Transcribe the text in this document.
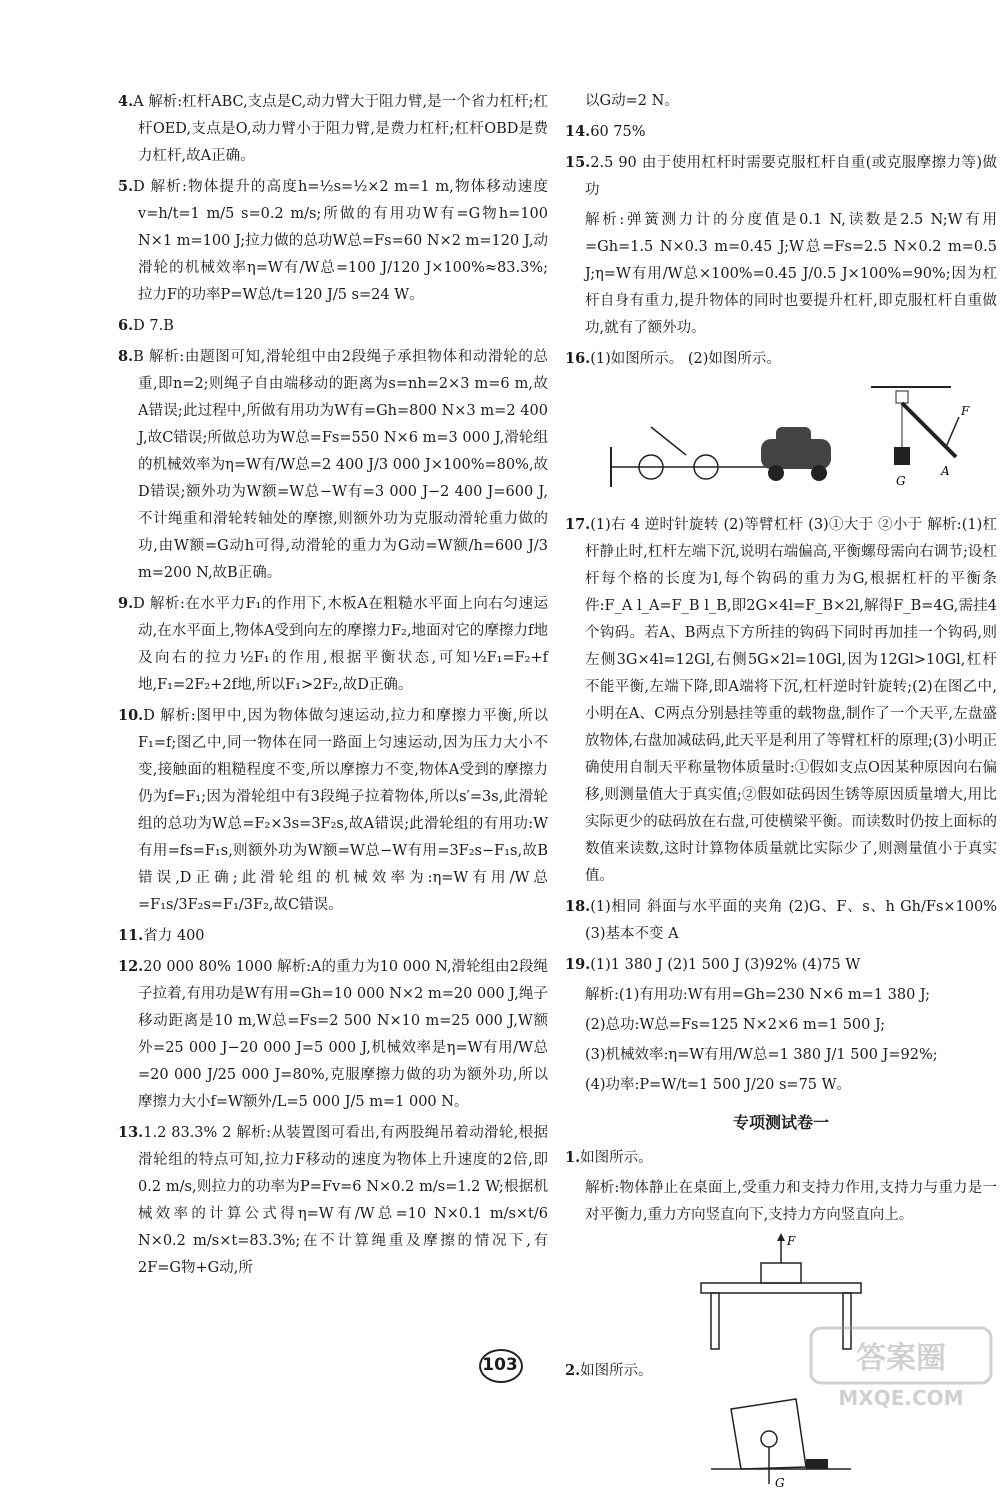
4.A 解析:杠杆ABC,支点是C,动力臂大于阻力臂,是一个省力杠杆;杠杆OED,支点是O,动力臂小于阻力臂,是费力杠杆;杠杆OBD是费力杠杆,故A正确。

5.D 解析:物体提升的高度h=½s=½×2 m=1 m,物体移动速度v=h/t=1 m/5 s=0.2 m/s;所做的有用功W有=G物h=100 N×1 m=100 J;拉力做的总功W总=Fs=60 N×2 m=120 J,动滑轮的机械效率η=W有/W总=100 J/120 J×100%≈83.3%;拉力F的功率P=W总/t=120 J/5 s=24 W。

6.D 7.B

8.B 解析:由题图可知,滑轮组中由2段绳子承担物体和动滑轮的总重,即n=2;则绳子自由端移动的距离为s=nh=2×3 m=6 m,故A错误;此过程中,所做有用功为W有=Gh=800 N×3 m=2 400 J,故C错误;所做总功为W总=Fs=550 N×6 m=3 000 J,滑轮组的机械效率为η=W有/W总=2 400 J/3 000 J×100%=80%,故D错误;额外功为W额=W总−W有=3 000 J−2 400 J=600 J,不计绳重和滑轮转轴处的摩擦,则额外功为克服动滑轮重力做的功,由W额=G动h可得,动滑轮的重力为G动=W额/h=600 J/3 m=200 N,故B正确。

9.D 解析:在水平力F₁的作用下,木板A在粗糙水平面上向右匀速运动,在水平面上,物体A受到向左的摩擦力F₂,地面对它的摩擦力f地及向右的拉力½F₁的作用,根据平衡状态,可知½F₁=F₂+f地,F₁=2F₂+2f地,所以F₁>2F₂,故D正确。

10.D 解析:图甲中,因为物体做匀速运动,拉力和摩擦力平衡,所以F₁=f;图乙中,同一物体在同一路面上匀速运动,因为压力大小不变,接触面的粗糙程度不变,所以摩擦力不变,物体A受到的摩擦力仍为f=F₁;因为滑轮组中有3段绳子拉着物体,所以s′=3s,此滑轮组的总功为W总=F₂×3s=3F₂s,故A错误;此滑轮组的有用功:W有用=fs=F₁s,则额外功为W额=W总−W有用=3F₂s−F₁s,故B错误,D正确;此滑轮组的机械效率为:η=W有用/W总=F₁s/3F₂s=F₁/3F₂,故C错误。

11.省力 400

12.20 000 80% 1000 解析:A的重力为10 000 N,滑轮组由2段绳子拉着,有用功是W有用=Gh=10 000 N×2 m=20 000 J,绳子移动距离是10 m,W总=Fs=2 500 N×10 m=25 000 J,W额外=25 000 J−20 000 J=5 000 J,机械效率是η=W有用/W总=20 000 J/25 000 J=80%,克服摩擦力做的功为额外功,所以摩擦力大小f=W额外/L=5 000 J/5 m=1 000 N。

13.1.2 83.3% 2 解析:从装置图可看出,有两股绳吊着动滑轮,根据滑轮组的特点可知,拉力F移动的速度为物体上升速度的2倍,即0.2 m/s,则拉力的功率为P=Fv=6 N×0.2 m/s=1.2 W;根据机械效率的计算公式得η=W有/W总=10 N×0.1 m/s×t/6 N×0.2 m/s×t=83.3%;在不计算绳重及摩擦的情况下,有2F=G物+G动,所

以G动=2 N。

14.60 75%

15.2.5 90 由于使用杠杆时需要克服杠杆自重(或克服摩擦力等)做功

解析:弹簧测力计的分度值是0.1 N,读数是2.5 N;W有用=Gh=1.5 N×0.3 m=0.45 J;W总=Fs=2.5 N×0.2 m=0.5 J;η=W有用/W总×100%=0.45 J/0.5 J×100%=90%;因为杠杆自身有重力,提升物体的同时也要提升杠杆,即克服杠杆自重做功,就有了额外功。

16.(1)如图所示。 (2)如图所示。

F
A
G

17.(1)右 4 逆时针旋转 (2)等臂杠杆 (3)①大于 ②小于 解析:(1)杠杆静止时,杠杆左端下沉,说明右端偏高,平衡螺母需向右调节;设杠杆每个格的长度为l,每个钩码的重力为G,根据杠杆的平衡条件:F_A l_A=F_B l_B,即2G×4l=F_B×2l,解得F_B=4G,需挂4个钩码。若A、B两点下方所挂的钩码下同时再加挂一个钩码,则左侧3G×4l=12Gl,右侧5G×2l=10Gl,因为12Gl>10Gl,杠杆不能平衡,左端下降,即A端将下沉,杠杆逆时针旋转;(2)在图乙中,小明在A、C两点分别悬挂等重的载物盘,制作了一个天平,左盘盛放物体,右盘加减砝码,此天平是利用了等臂杠杆的原理;(3)小明正确使用自制天平称量物体质量时:①假如支点O因某种原因向右偏移,则测量值大于真实值;②假如砝码因生锈等原因质量增大,用比实际更少的砝码放在右盘,可使横梁平衡。而读数时仍按上面标的数值来读数,这时计算物体质量就比实际少了,则测量值小于真实值。

18.(1)相同 斜面与水平面的夹角 (2)G、F、s、h Gh/Fs×100% (3)基本不变 A

19.(1)1 380 J (2)1 500 J (3)92% (4)75 W

解析:(1)有用功:W有用=Gh=230 N×6 m=1 380 J;

(2)总功:W总=Fs=125 N×2×6 m=1 500 J;

(3)机械效率:η=W有用/W总=1 380 J/1 500 J=92%;

(4)功率:P=W/t=1 500 J/20 s=75 W。

专项测试卷一

1.如图所示。

解析:物体静止在桌面上,受重力和支持力作用,支持力与重力是一对平衡力,重力方向竖直向下,支持力方向竖直向上。

F

2.如图所示。

G
103	答案圈
MXQE.COM
